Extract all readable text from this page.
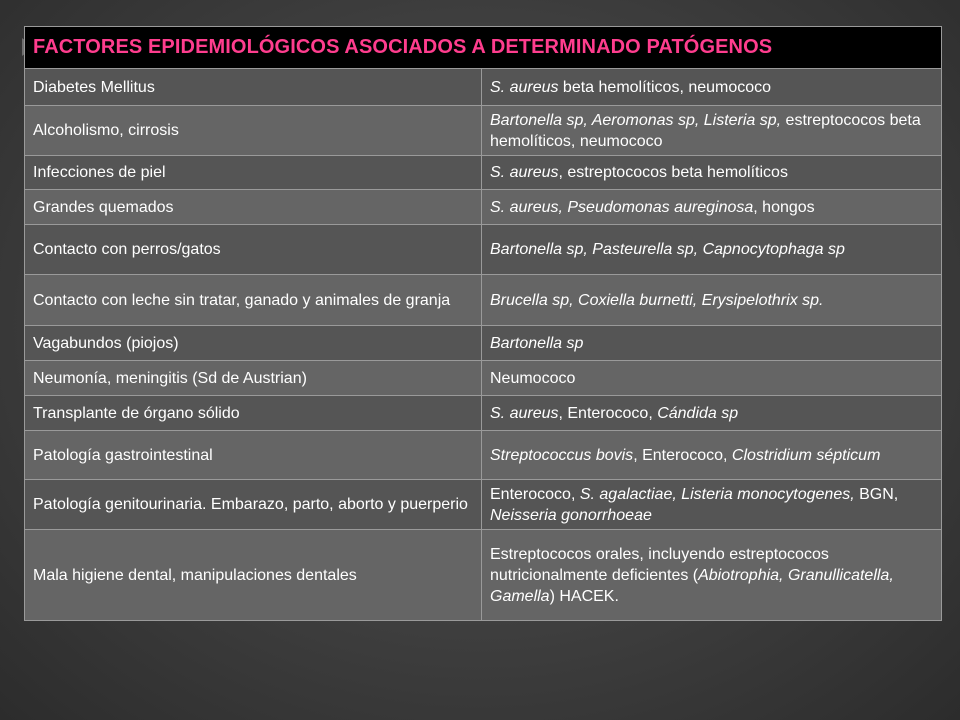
FACTORES EPIDEMIOLÓGICOS ASOCIADOS A DETERMINADO PATÓGENOS	
Diabetes Mellitus	S. aureus beta hemolíticos, neumococo
Alcoholismo, cirrosis	Bartonella sp, Aeromonas sp, Listeria sp, estreptococos beta hemolíticos, neumococo
Infecciones de piel	S. aureus, estreptococos beta hemolíticos
Grandes quemados	S. aureus, Pseudomonas aureginosa, hongos
Contacto con perros/gatos	Bartonella sp, Pasteurella sp, Capnocytophaga sp
Contacto con leche sin tratar, ganado y animales de granja	Brucella sp, Coxiella burnetti, Erysipelothrix sp.
Vagabundos (piojos)	Bartonella sp
Neumonía, meningitis (Sd de Austrian)	Neumococo
Transplante de órgano sólido	S. aureus, Enterococo, Cándida sp
Patología gastrointestinal	Streptococcus bovis, Enterococo, Clostridium sépticum
Patología genitourinaria. Embarazo, parto, aborto y puerperio	Enterococo, S. agalactiae, Listeria monocytogenes, BGN, Neisseria gonorrhoeae
Mala higiene dental, manipulaciones dentales	Estreptococos orales, incluyendo estreptococos nutricionalmente deficientes (Abiotrophia, Granullicatella, Gamella) HACEK.
